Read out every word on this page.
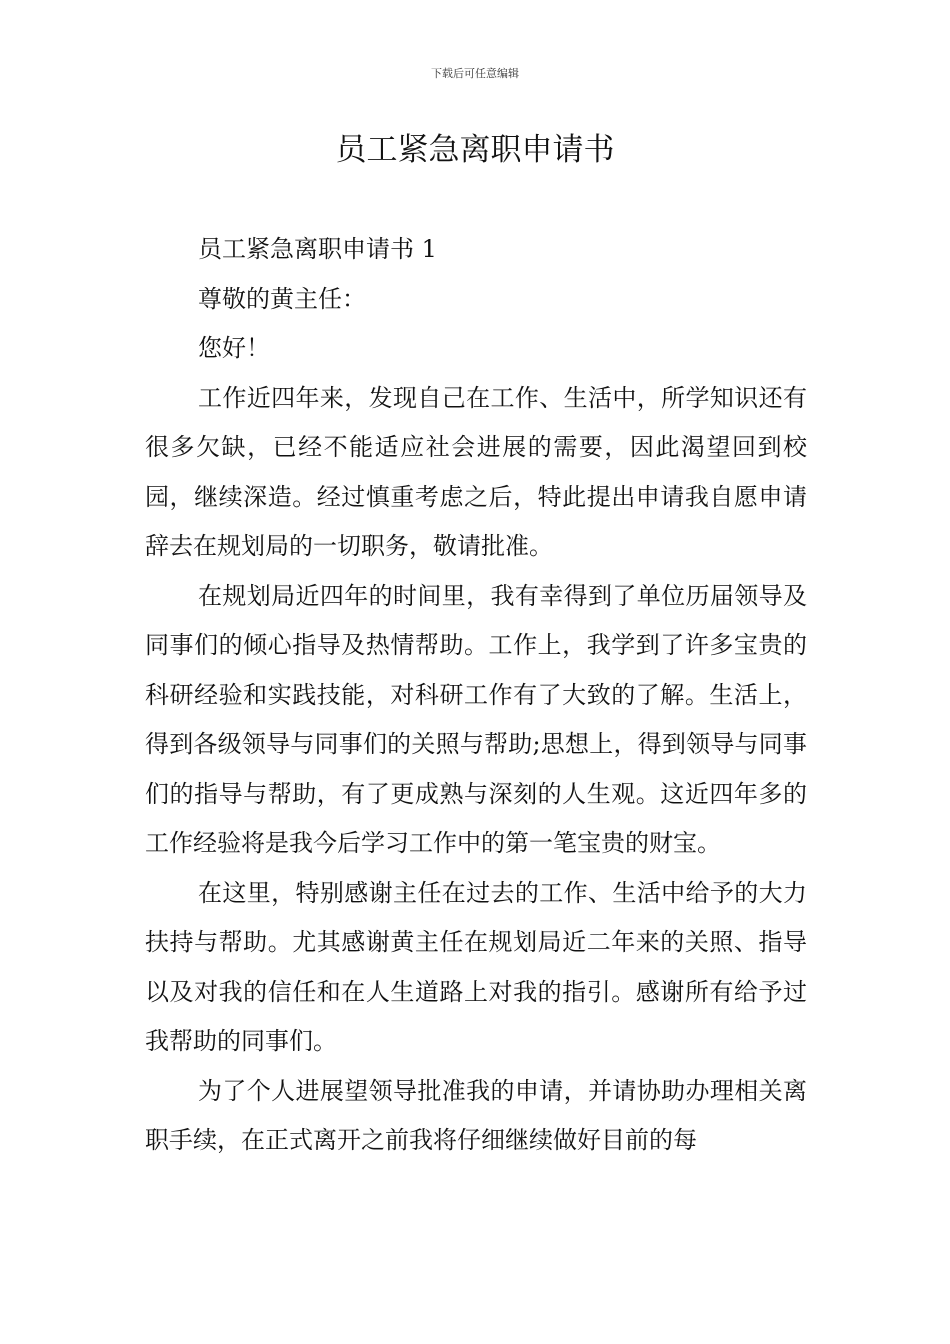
下载后可任意编辑
员工紧急离职申请书

员工紧急离职申请书 1

尊敬的黄主任：

您好！

工作近四年来，发现自己在工作、生活中，所学知识还有很多欠缺，已经不能适应社会进展的需要，因此渴望回到校园，继续深造。经过慎重考虑之后，特此提出申请我自愿申请辞去在规划局的一切职务，敬请批准。

在规划局近四年的时间里，我有幸得到了单位历届领导及同事们的倾心指导及热情帮助。工作上，我学到了许多宝贵的科研经验和实践技能，对科研工作有了大致的了解。生活上，得到各级领导与同事们的关照与帮助;思想上，得到领导与同事们的指导与帮助，有了更成熟与深刻的人生观。这近四年多的工作经验将是我今后学习工作中的第一笔宝贵的财宝。

在这里，特别感谢主任在过去的工作、生活中给予的大力扶持与帮助。尤其感谢黄主任在规划局近二年来的关照、指导以及对我的信任和在人生道路上对我的指引。感谢所有给予过我帮助的同事们。

为了个人进展望领导批准我的申请，并请协助办理相关离职手续，在正式离开之前我将仔细继续做好目前的每
